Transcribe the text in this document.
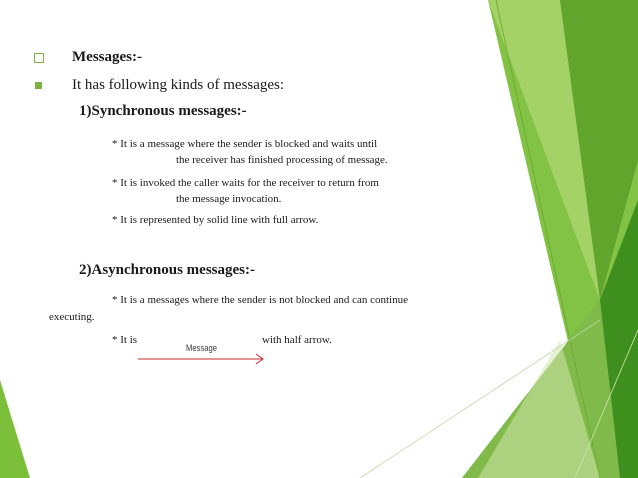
Messages:-
It has following kinds of messages:
1)Synchronous messages:-
* It is a message where the sender is blocked and waits until
the receiver has finished processing of message.
* It is invoked the caller waits for the receiver to return from
the message invocation.
* It is represented by solid line with full arrow.
2)Asynchronous messages:-
* It is a messages where the sender is not blocked and can continue
executing.
* It is	with half arrow.
Message
